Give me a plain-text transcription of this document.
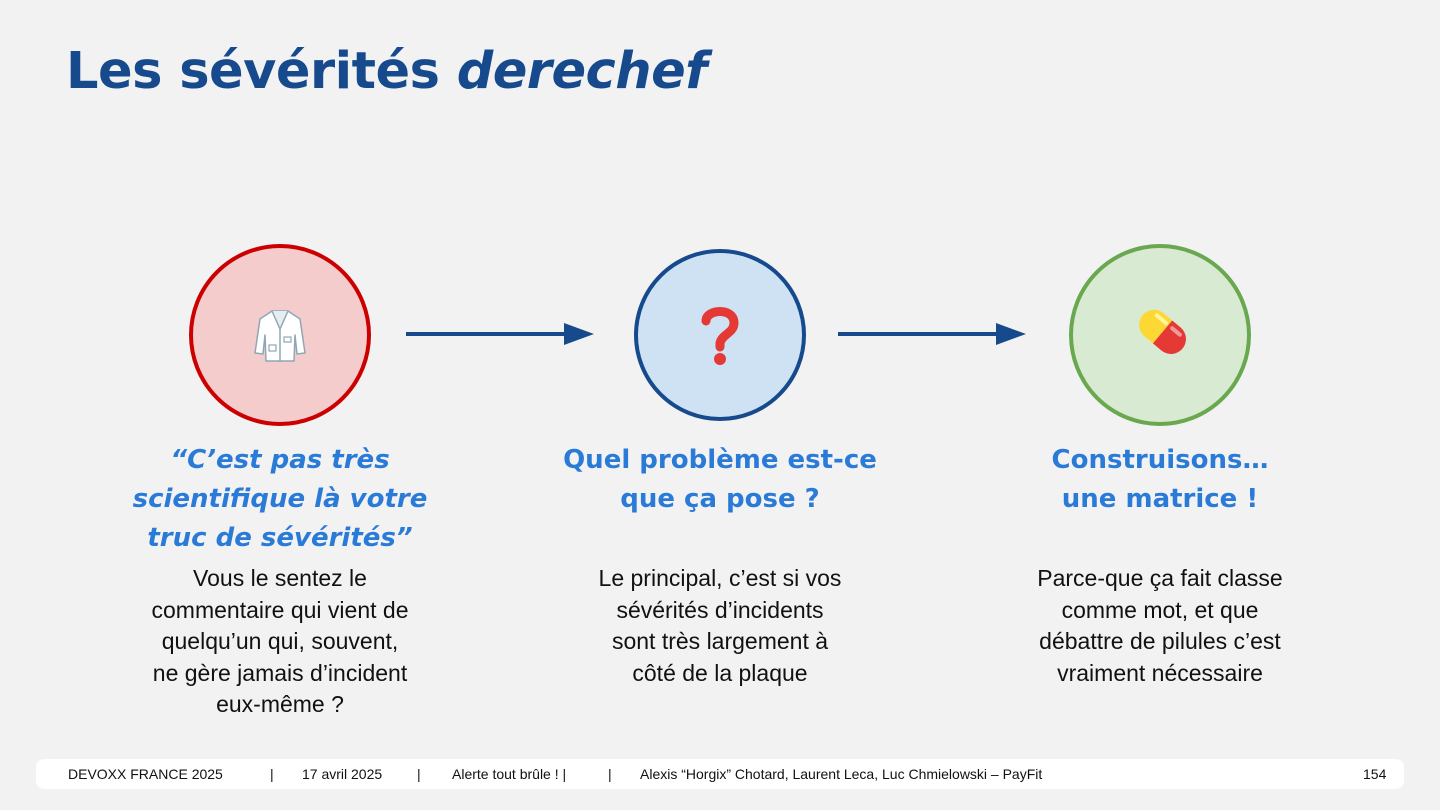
Les sévérités derechef
“C’est pas très
scientifique là votre
truc de sévérités”
Quel problème est-ce
que ça pose ?
Construisons…
une matrice !
Vous le sentez le
commentaire qui vient de
quelqu’un qui, souvent,
ne gère jamais d’incident
eux-même ?
Le principal, c’est si vos
sévérités d’incidents
sont très largement à
côté de la plaque
Parce-que ça fait classe
comme mot, et que
débattre de pilules c’est
vraiment nécessaire
DEVOXX FRANCE 2025	| 17 avril 2025 | Alerte tout brûle ! |	| Alexis “Horgix” Chotard, Laurent Leca, Luc Chmielowski – PayFit	154
